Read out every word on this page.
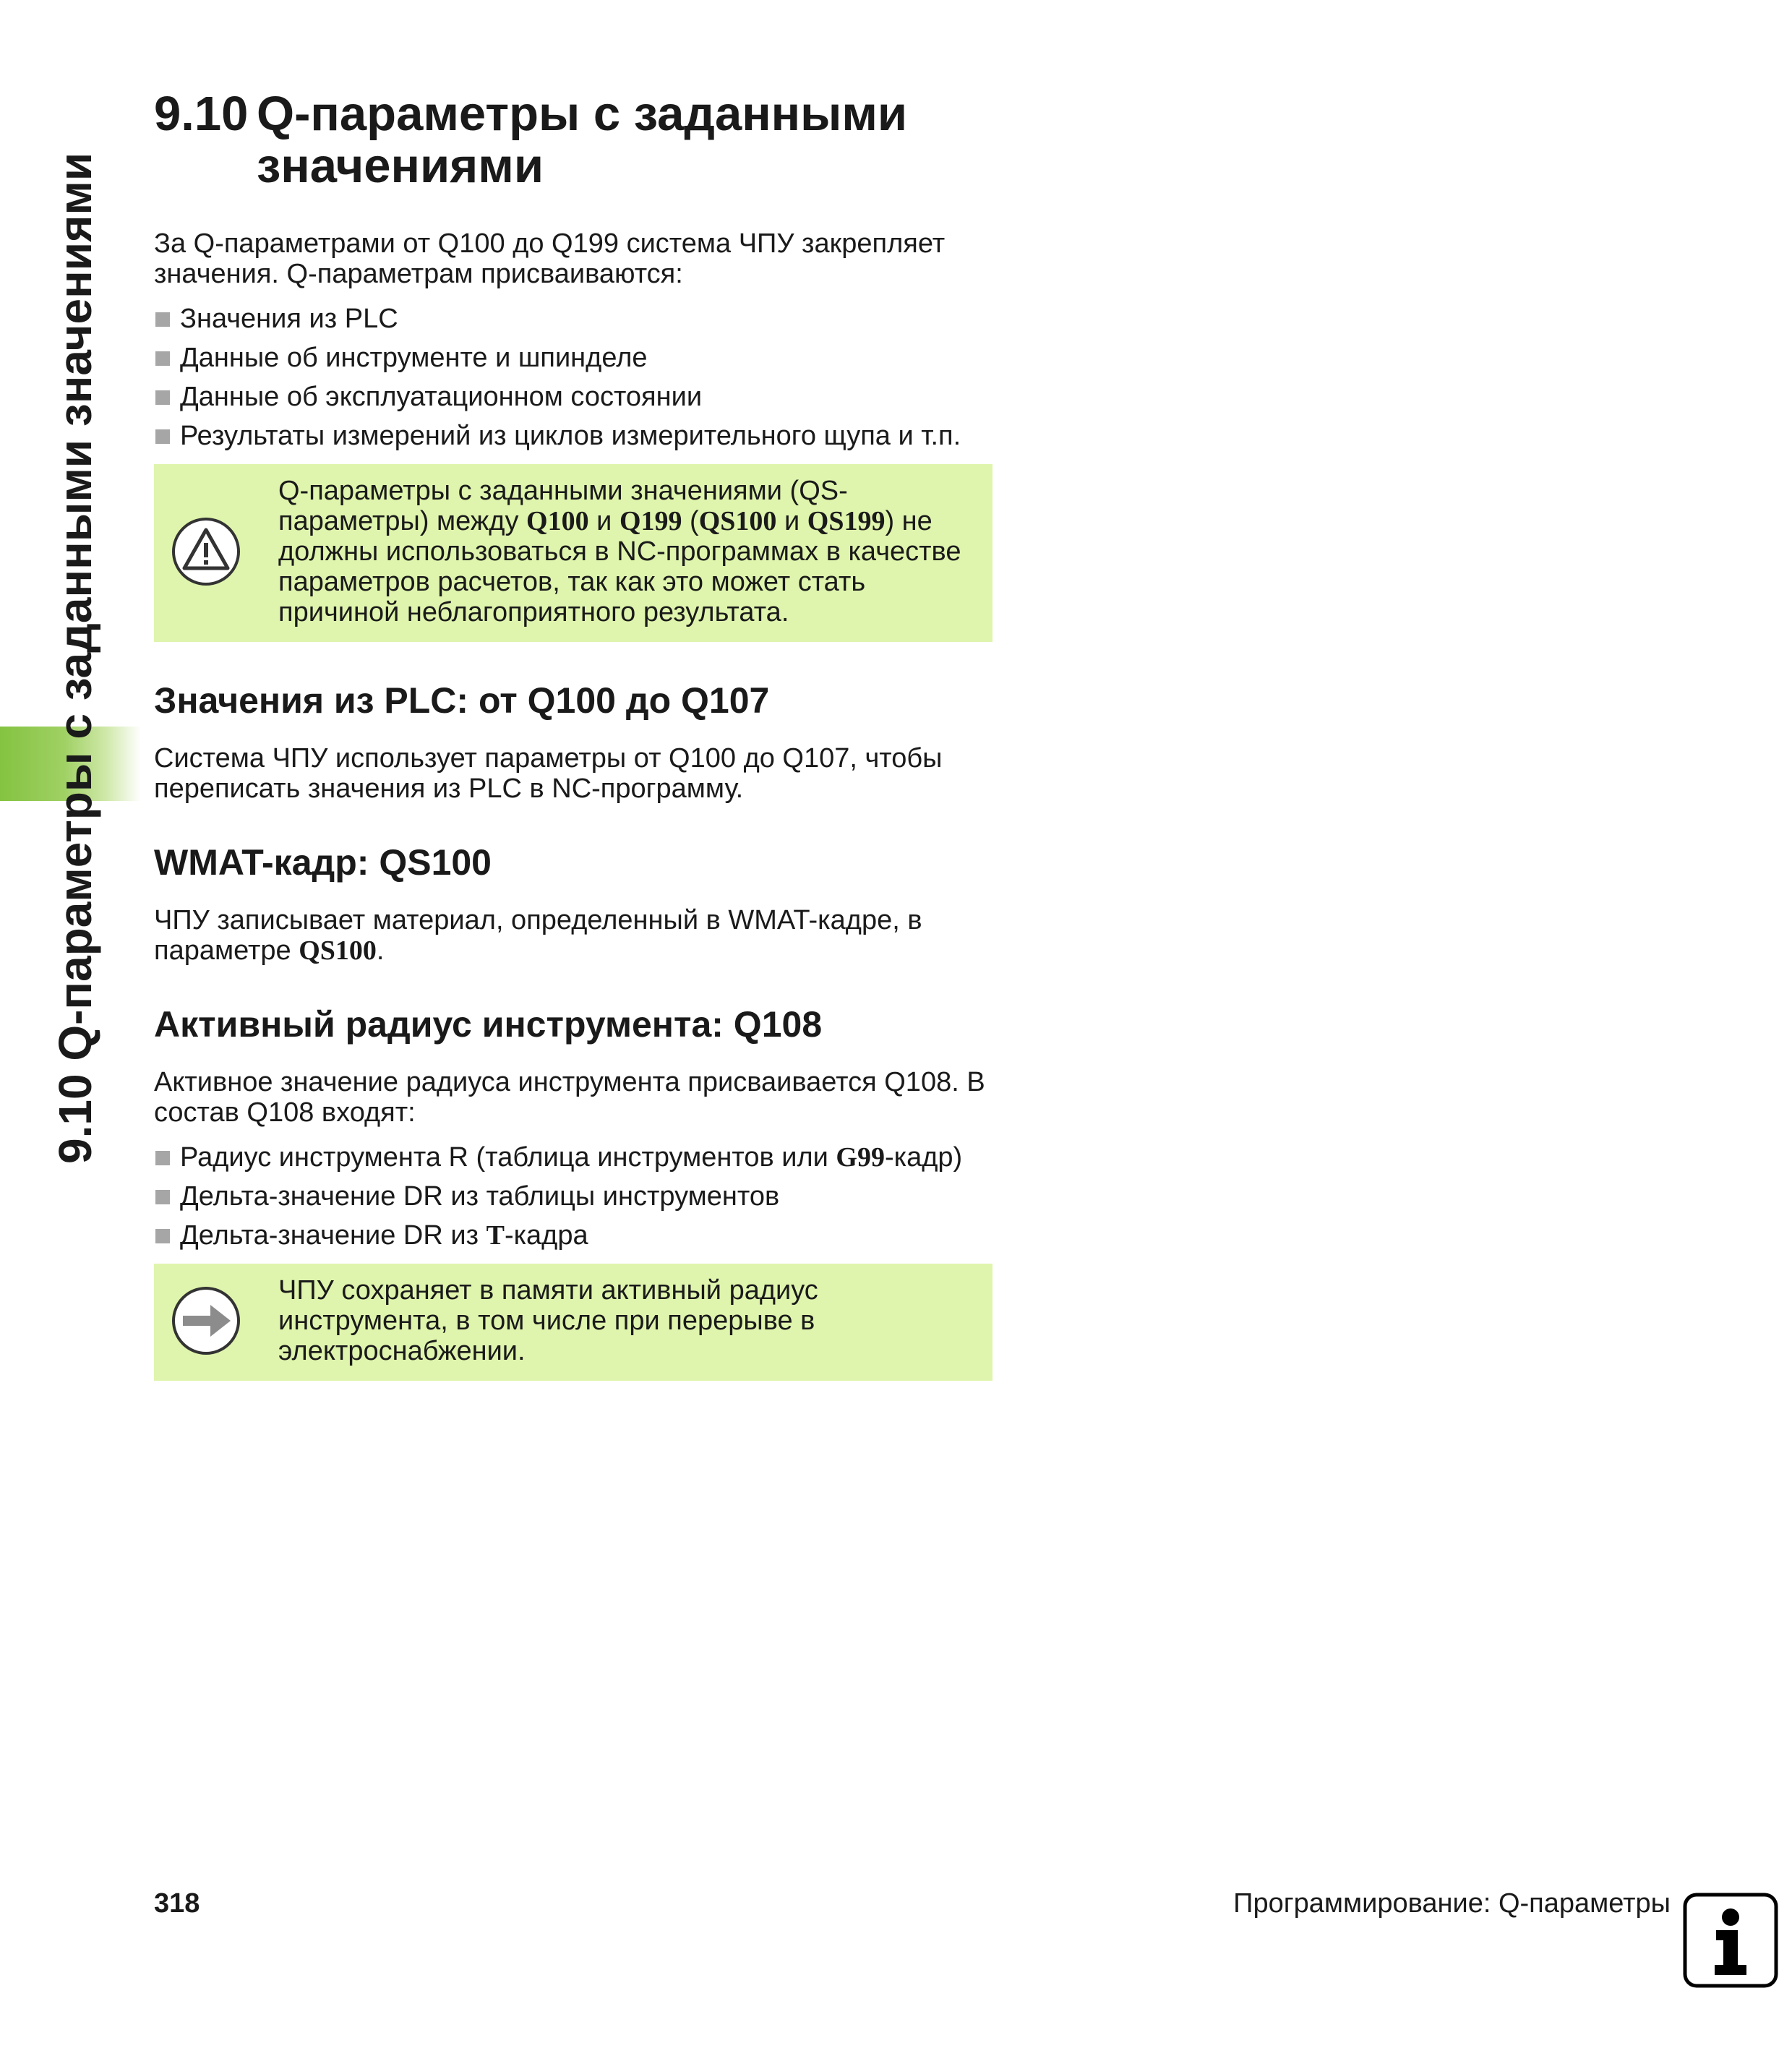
9.10 Q-параметры с заданными значениями
9.10 Q-параметры с заданными значениями

За Q-параметрами от Q100 до Q199 система ЧПУ закрепляет значения. Q-параметрам присваиваются:

Значения из PLC
Данные об инструменте и шпинделе
Данные об эксплуатационном состоянии
Результаты измерений из циклов измерительного щупа и т.п.
Q-параметры с заданными значениями (QS-параметры) между Q100 и Q199 (QS100 и QS199) не должны использоваться в NC-программах в качестве параметров расчетов, так как это может стать причиной неблагоприятного результата.
Значения из PLC: от Q100 до Q107

Система ЧПУ использует параметры от Q100 до Q107, чтобы переписать значения из PLC в NC-программу.

WMAT-кадр: QS100

ЧПУ записывает материал, определенный в WMAT-кадре, в параметре QS100.

Активный радиус инструмента: Q108

Активное значение радиуса инструмента присваивается Q108. В состав Q108 входят:

Радиус инструмента R (таблица инструментов или G99-кадр)
Дельта-значение DR из таблицы инструментов
Дельта-значение DR из T-кадра
ЧПУ сохраняет в памяти активный радиус инструмента, в том числе при перерыве в электроснабжении.
318	Программирование: Q-параметры
